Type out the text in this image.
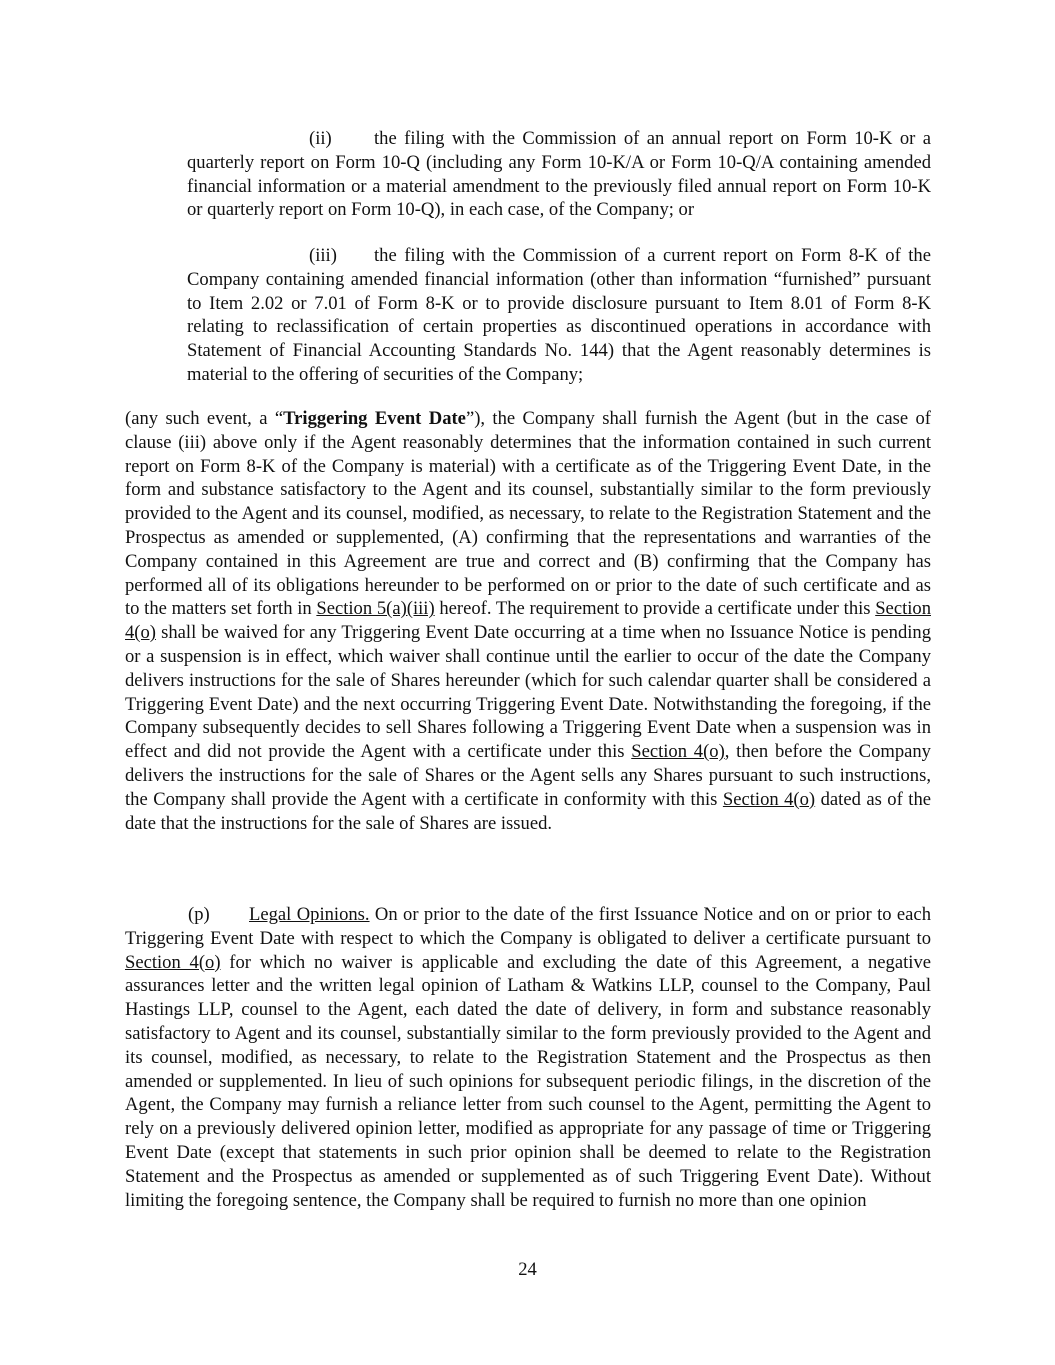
(ii) the filing with the Commission of an annual report on Form 10-K or a quarterly report on Form 10-Q (including any Form 10-K/A or Form 10-Q/A containing amended financial information or a material amendment to the previously filed annual report on Form 10-K or quarterly report on Form 10-Q), in each case, of the Company; or

(iii) the filing with the Commission of a current report on Form 8-K of the Company containing amended financial information (other than information “furnished” pursuant to Item 2.02 or 7.01 of Form 8-K or to provide disclosure pursuant to Item 8.01 of Form 8-K relating to reclassification of certain properties as discontinued operations in accordance with Statement of Financial Accounting Standards No. 144) that the Agent reasonably determines is material to the offering of securities of the Company;

(any such event, a “Triggering Event Date”), the Company shall furnish the Agent (but in the case of clause (iii) above only if the Agent reasonably determines that the information contained in such current report on Form 8-K of the Company is material) with a certificate as of the Triggering Event Date, in the form and substance satisfactory to the Agent and its counsel, substantially similar to the form previously provided to the Agent and its counsel, modified, as necessary, to relate to the Registration Statement and the Prospectus as amended or supplemented, (A) confirming that the representations and warranties of the Company contained in this Agreement are true and correct and (B) confirming that the Company has performed all of its obligations hereunder to be performed on or prior to the date of such certificate and as to the matters set forth in Section 5(a)(iii) hereof. The requirement to provide a certificate under this Section 4(o) shall be waived for any Triggering Event Date occurring at a time when no Issuance Notice is pending or a suspension is in effect, which waiver shall continue until the earlier to occur of the date the Company delivers instructions for the sale of Shares hereunder (which for such calendar quarter shall be considered a Triggering Event Date) and the next occurring Triggering Event Date. Notwithstanding the foregoing, if the Company subsequently decides to sell Shares following a Triggering Event Date when a suspension was in effect and did not provide the Agent with a certificate under this Section 4(o), then before the Company delivers the instructions for the sale of Shares or the Agent sells any Shares pursuant to such instructions, the Company shall provide the Agent with a certificate in conformity with this Section 4(o) dated as of the date that the instructions for the sale of Shares are issued.

(p) Legal Opinions. On or prior to the date of the first Issuance Notice and on or prior to each Triggering Event Date with respect to which the Company is obligated to deliver a certificate pursuant to Section 4(o) for which no waiver is applicable and excluding the date of this Agreement, a negative assurances letter and the written legal opinion of Latham & Watkins LLP, counsel to the Company, Paul Hastings LLP, counsel to the Agent, each dated the date of delivery, in form and substance reasonably satisfactory to Agent and its counsel, substantially similar to the form previously provided to the Agent and its counsel, modified, as necessary, to relate to the Registration Statement and the Prospectus as then amended or supplemented. In lieu of such opinions for subsequent periodic filings, in the discretion of the Agent, the Company may furnish a reliance letter from such counsel to the Agent, permitting the Agent to rely on a previously delivered opinion letter, modified as appropriate for any passage of time or Triggering Event Date (except that statements in such prior opinion shall be deemed to relate to the Registration Statement and the Prospectus as amended or supplemented as of such Triggering Event Date). Without limiting the foregoing sentence, the Company shall be required to furnish no more than one opinion

24
